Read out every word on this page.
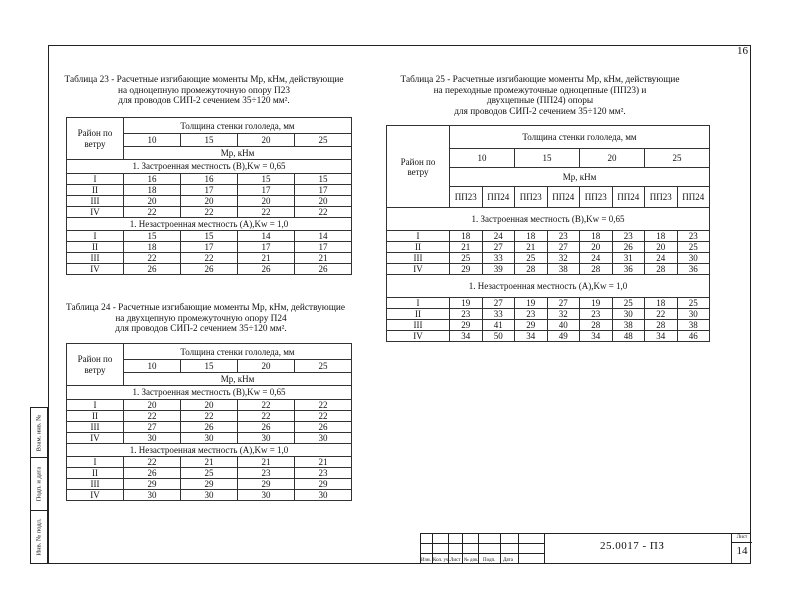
16
Таблица 23 - Расчетные изгибающие моменты Mp, кНм, действующие
на одноцепную промежуточную опору П23
для проводов СИП-2 сечением 35÷120 мм².
Район по
ветру	Толщина стенки гололеда, мм			
	10	15	20	25
	Mp, кНм			
1. Застроенная местность (B),Kw = 0,65				
I	16	16	15	15
II	18	17	17	17
III	20	20	20	20
IV	22	22	22	22
1. Незастроенная местность (A),Kw = 1,0				
I	15	15	14	14
II	18	17	17	17
III	22	22	21	21
IV	26	26	26	26
Таблица 24 - Расчетные изгибающие моменты Mp, кНм, действующие
на двухцепную промежуточную опору П24
для проводов СИП-2 сечением 35÷120 мм².
Район по
ветру	Толщина стенки гололеда, мм			
	10	15	20	25
	Mp, кНм			
1. Застроенная местность (B),Kw = 0,65				
I	20	20	22	22
II	22	22	22	22
III	27	26	26	26
IV	30	30	30	30
1. Незастроенная местность (A),Kw = 1,0				
I	22	21	21	21
II	26	25	23	23
III	29	29	29	29
IV	30	30	30	30
Таблица 25 - Расчетные изгибающие моменты Mp, кНм, действующие
на переходные промежуточные одноцепные (ПП23) и
двухцепные (ПП24) опоры
для проводов СИП-2 сечением 35÷120 мм².
Район по
ветру	Толщина стенки гололеда, мм							
	10		15		20		25	
	Mp, кНм							
	ПП23	ПП24	ПП23	ПП24	ПП23	ПП24	ПП23	ПП24
1. Застроенная местность (B),Kw = 0,65								
I	18	24	18	23	18	23	18	23
II	21	27	21	27	20	26	20	25
III	25	33	25	32	24	31	24	30
IV	29	39	28	38	28	36	28	36
1. Незастроенная местность (A),Kw = 1,0								
I	19	27	19	27	19	25	18	25
II	23	33	23	32	23	30	22	30
III	29	41	29	40	28	38	28	38
IV	34	50	34	49	34	48	34	46
Взам. инв. №
Подп. и дата
Инв. № подл.
Изм. Кол. уч. Лист № док. Подп. Дата
25.0017 - ПЗ
Лист
14
